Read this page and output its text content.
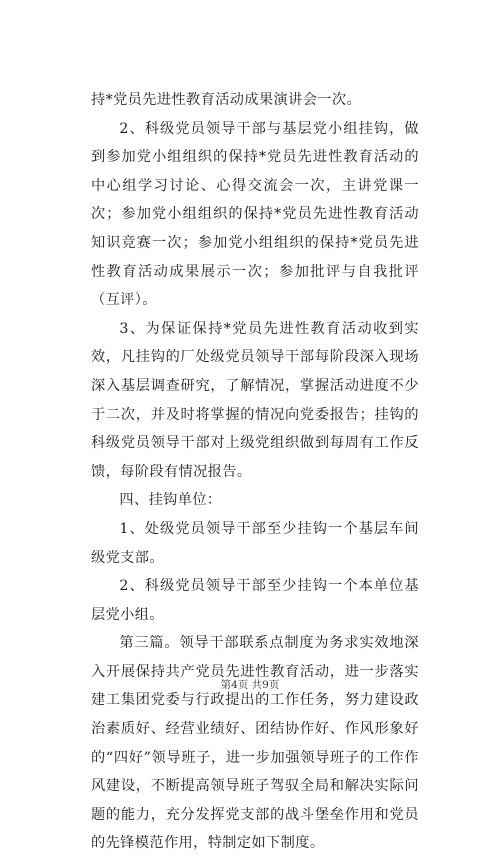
持*党员先进性教育活动成果演讲会一次。

2、科级党员领导干部与基层党小组挂钩，做到参加党小组组织的保持*党员先进性教育活动的中心组学习讨论、心得交流会一次，主讲党课一次；参加党小组组织的保持*党员先进性教育活动知识竞赛一次；参加党小组组织的保持*党员先进性教育活动成果展示一次；参加批评与自我批评（互评）。

3、为保证保持*党员先进性教育活动收到实效，凡挂钩的厂处级党员领导干部每阶段深入现场深入基层调查研究，了解情况，掌握活动进度不少于二次，并及时将掌握的情况向党委报告；挂钩的科级党员领导干部对上级党组织做到每周有工作反馈，每阶段有情况报告。

四、挂钩单位：

1、处级党员领导干部至少挂钩一个基层车间级党支部。

2、科级党员领导干部至少挂钩一个本单位基层党小组。

第三篇。领导干部联系点制度为务求实效地深入开展保持共产党员先进性教育活动，进一步落实建工集团党委与行政提出的工作任务，努力建设政治素质好、经营业绩好、团结协作好、作风形象好的“四好”领导班子，进一步加强领导班子的工作作风建设，不断提高领导班子驾驭全局和解决实际问题的能力，充分发挥党支部的战斗堡垒作用和党员的先锋模范作用，特制定如下制度。

第4页 共9页
